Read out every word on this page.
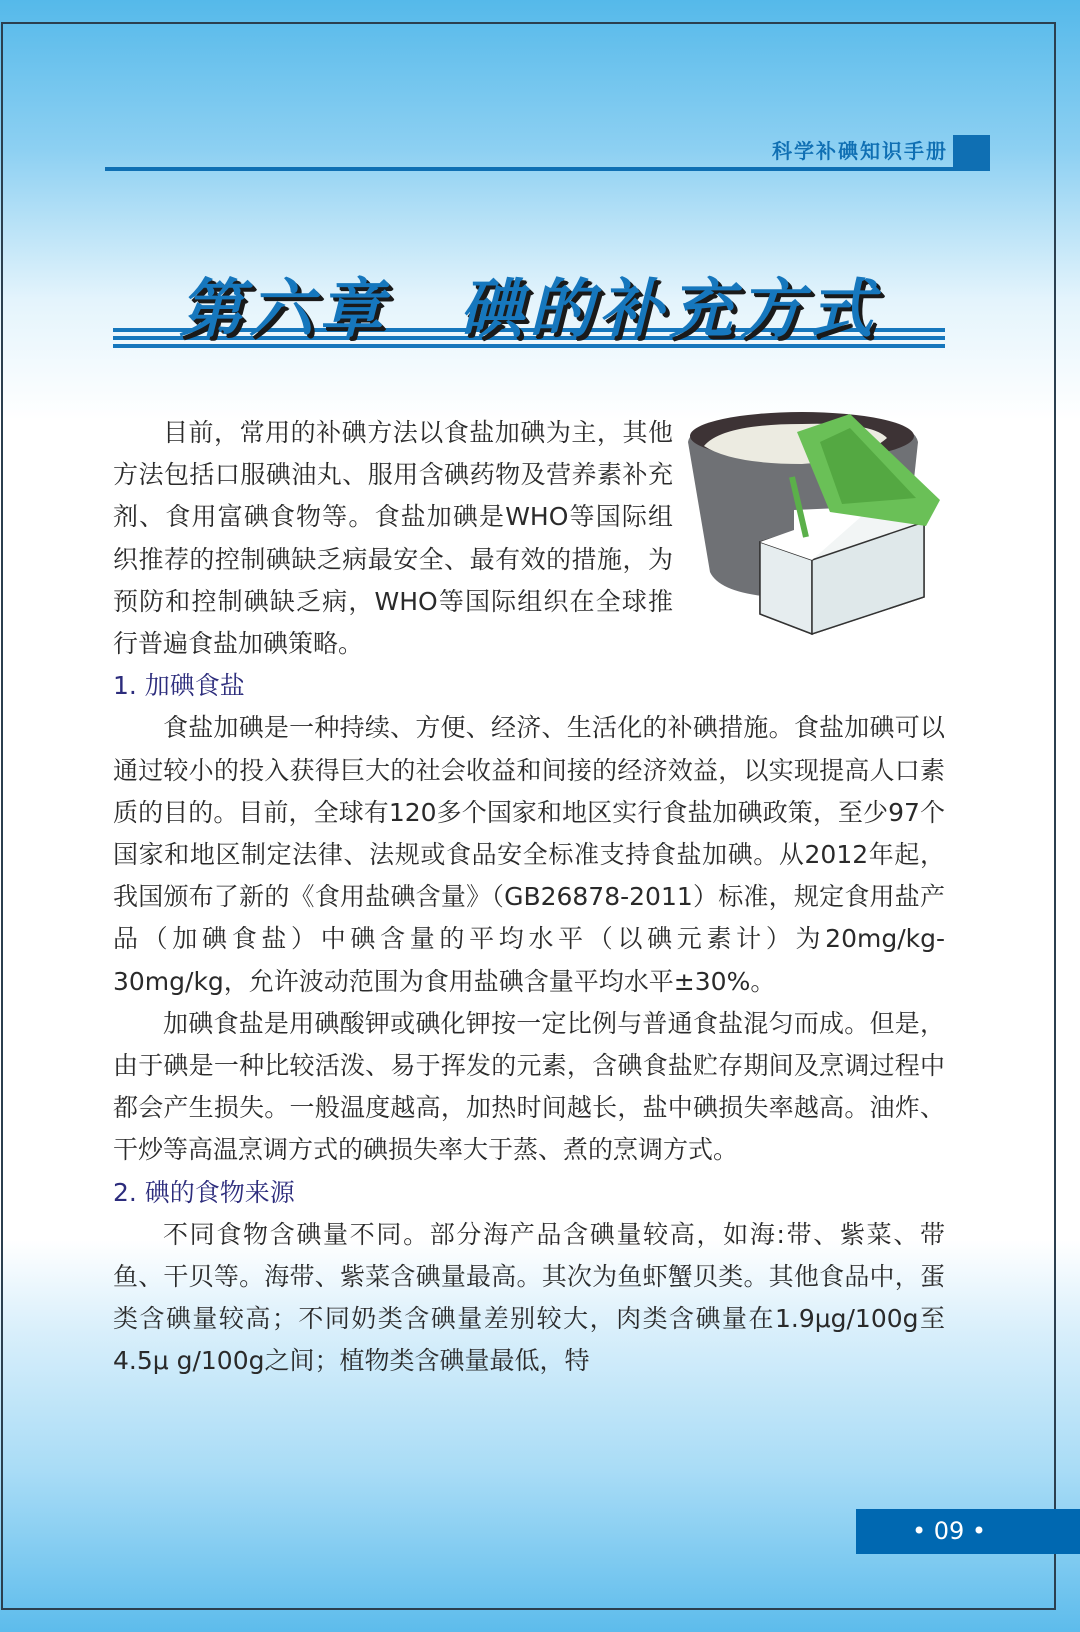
科学补碘知识手册
第六章　碘的补充方式

目前，常用的补碘方法以食盐加碘为主，其他方法包括口服碘油丸、服用含碘药物及营养素补充剂、食用富碘食物等。食盐加碘是WHO等国际组织推荐的控制碘缺乏病最安全、最有效的措施，为预防和控制碘缺乏病，WHO等国际组织在全球推行普遍食盐加碘策略。

1. 加碘食盐

食盐加碘是一种持续、方便、经济、生活化的补碘措施。食盐加碘可以通过较小的投入获得巨大的社会收益和间接的经济效益，以实现提高人口素质的目的。目前，全球有120多个国家和地区实行食盐加碘政策，至少97个国家和地区制定法律、法规或食品安全标准支持食盐加碘。从2012年起，我国颁布了新的《食用盐碘含量》（GB26878-2011）标准，规定食用盐产品（加碘食盐）中碘含量的平均水平（以碘元素计）为20mg/kg-30mg/kg，允许波动范围为食用盐碘含量平均水平±30%。

加碘食盐是用碘酸钾或碘化钾按一定比例与普通食盐混匀而成。但是，由于碘是一种比较活泼、易于挥发的元素，含碘食盐贮存期间及烹调过程中都会产生损失。一般温度越高，加热时间越长，盐中碘损失率越高。油炸、干炒等高温烹调方式的碘损失率大于蒸、煮的烹调方式。

2. 碘的食物来源

不同食物含碘量不同。部分海产品含碘量较高，如海:带、紫菜、带鱼、干贝等。海带、紫菜含碘量最高。其次为鱼虾蟹贝类。其他食品中，蛋类含碘量较高；不同奶类含碘量差别较大，肉类含碘量在1.9μg/100g至4.5μ g/100g之间；植物类含碘量最低，特

• 09 •
